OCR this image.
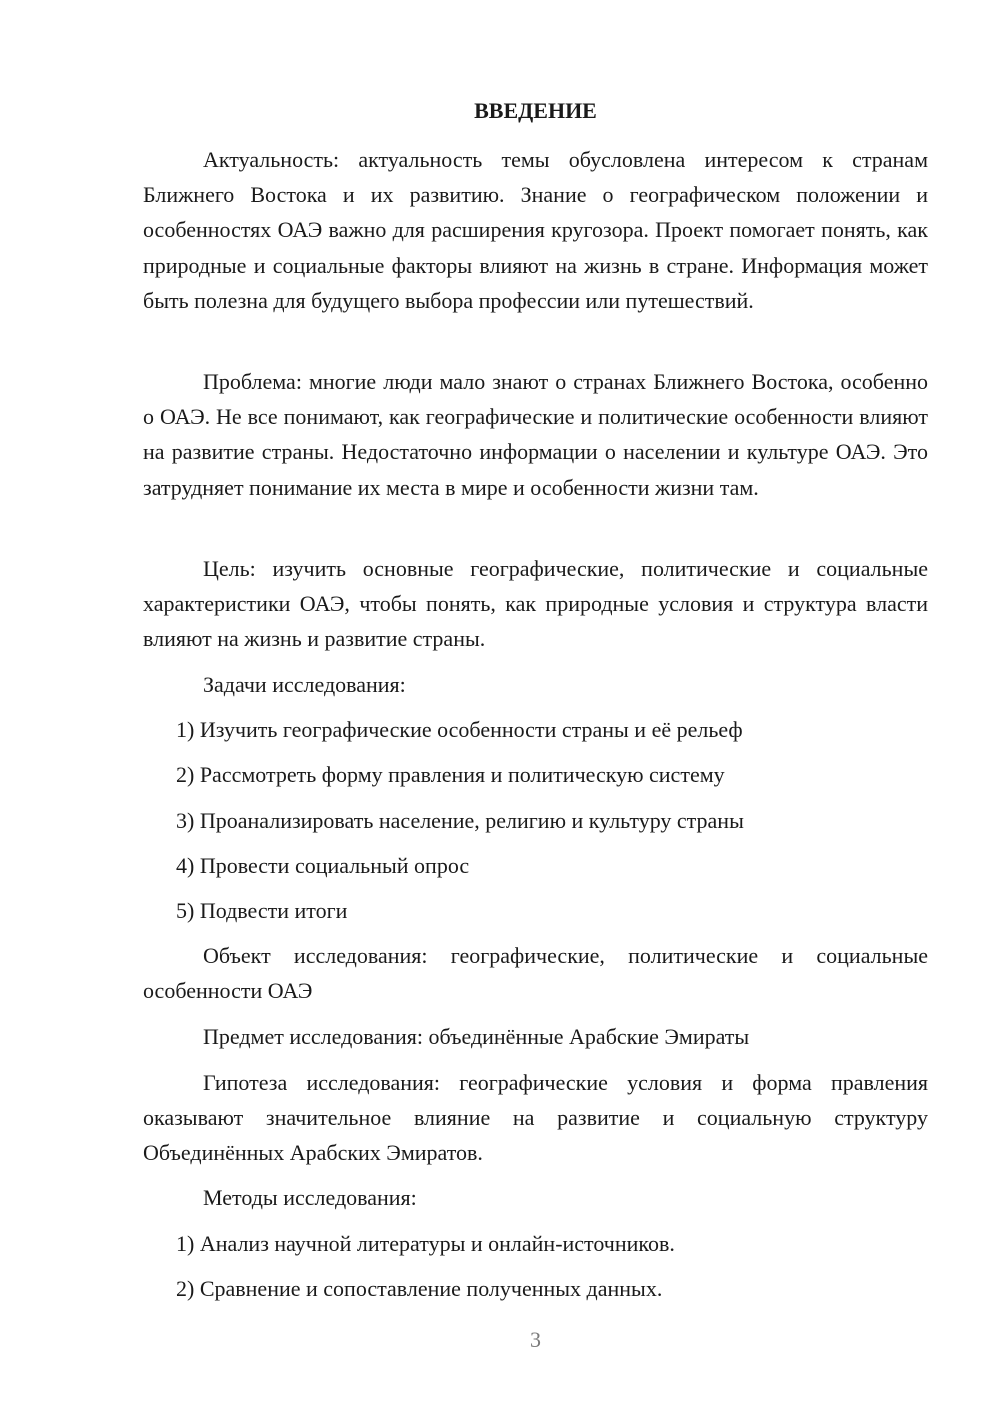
ВВЕДЕНИЕ

Актуальность: актуальность темы обусловлена интересом к странам Ближнего Востока и их развитию. Знание о географическом положении и особенностях ОАЭ важно для расширения кругозора. Проект помогает понять, как природные и социальные факторы влияют на жизнь в стране. Информация может быть полезна для будущего выбора профессии или путешествий.

Проблема: многие люди мало знают о странах Ближнего Востока, особенно о ОАЭ. Не все понимают, как географические и политические особенности влияют на развитие страны. Недостаточно информации о населении и культуре ОАЭ. Это затрудняет понимание их места в мире и особенности жизни там.

Цель: изучить основные географические, политические и социальные характеристики ОАЭ, чтобы понять, как природные условия и структура власти влияют на жизнь и развитие страны.

Задачи исследования:

1) Изучить географические особенности страны и её рельеф

2) Рассмотреть форму правления и политическую систему

3) Проанализировать население, религию и культуру страны

4) Провести социальный опрос

5) Подвести итоги

Объект исследования: географические, политические и социальные особенности ОАЭ

Предмет исследования: объединённые Арабские Эмираты

Гипотеза исследования: географические условия и форма правления оказывают значительное влияние на развитие и социальную структуру Объединённых Арабских Эмиратов.

Методы исследования:

1) Анализ научной литературы и онлайн-источников.

2) Сравнение и сопоставление полученных данных.

3
